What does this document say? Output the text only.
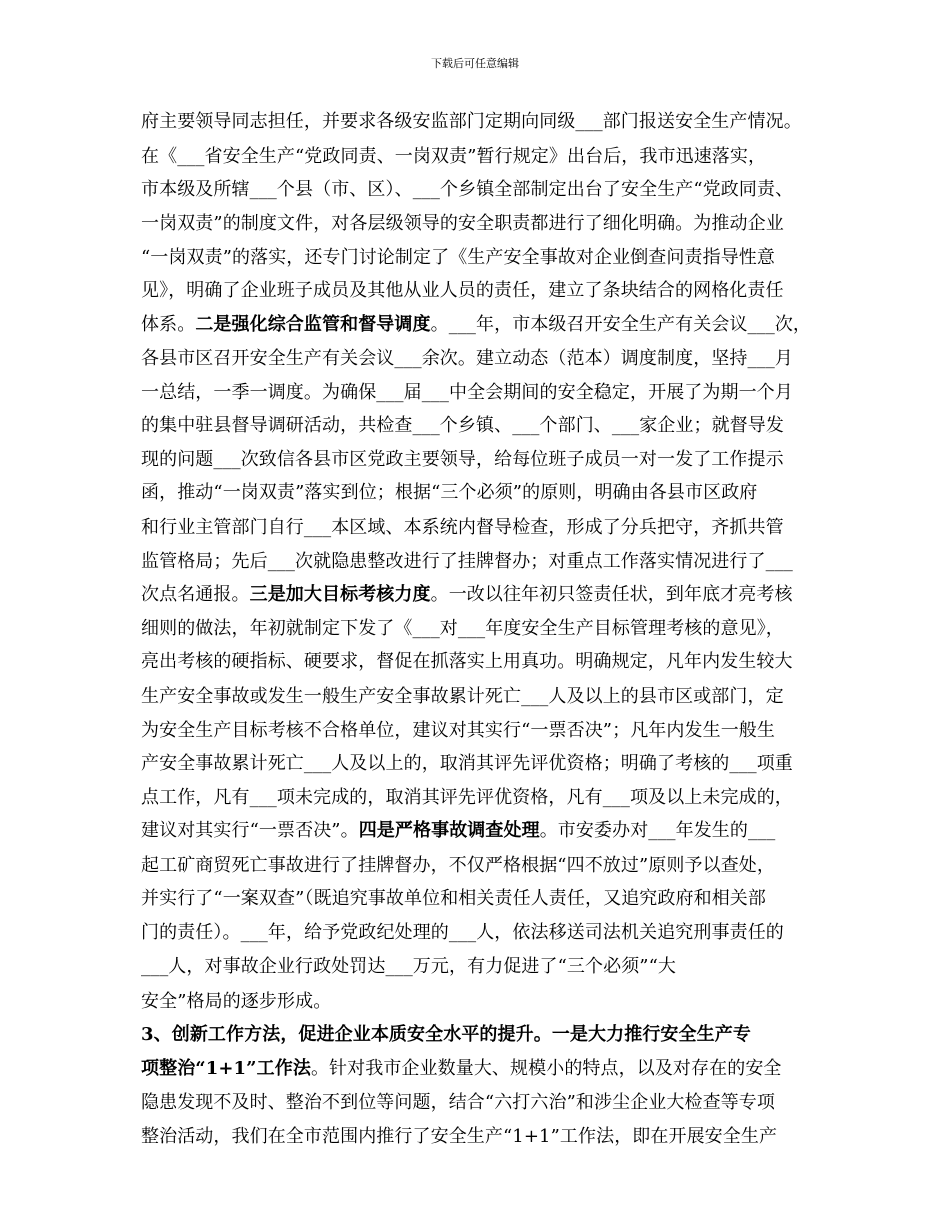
下载后可任意编辑
府主要领导同志担任，并要求各级安监部门定期向同级___部门报送安全生产情况。
在《___省安全生产“党政同责、一岗双责”暂行规定》出台后，我市迅速落实，
市本级及所辖___个县（市、区）、___个乡镇全部制定出台了安全生产“党政同责、
一岗双责”的制度文件，对各层级领导的安全职责都进行了细化明确。为推动企业
“一岗双责”的落实，还专门讨论制定了《生产安全事故对企业倒查问责指导性意
见》，明确了企业班子成员及其他从业人员的责任，建立了条块结合的网格化责任
体系。二是强化综合监管和督导调度。___年，市本级召开安全生产有关会议___次，
各县市区召开安全生产有关会议___余次。建立动态（范本）调度制度，坚持___月
一总结，一季一调度。为确保___届___中全会期间的安全稳定，开展了为期一个月
的集中驻县督导调研活动，共检查___个乡镇、___个部门、___家企业；就督导发
现的问题___次致信各县市区党政主要领导，给每位班子成员一对一发了工作提示
函，推动“一岗双责”落实到位；根据“三个必须”的原则，明确由各县市区政府
和行业主管部门自行___本区域、本系统内督导检查，形成了分兵把守，齐抓共管
监管格局；先后___次就隐患整改进行了挂牌督办；对重点工作落实情况进行了___
次点名通报。三是加大目标考核力度。一改以往年初只签责任状，到年底才亮考核
细则的做法，年初就制定下发了《___对___年度安全生产目标管理考核的意见》，
亮出考核的硬指标、硬要求，督促在抓落实上用真功。明确规定，凡年内发生较大
生产安全事故或发生一般生产安全事故累计死亡___人及以上的县市区或部门，定
为安全生产目标考核不合格单位，建议对其实行“一票否决”；凡年内发生一般生
产安全事故累计死亡___人及以上的，取消其评先评优资格；明确了考核的___项重
点工作，凡有___项未完成的，取消其评先评优资格，凡有___项及以上未完成的，
建议对其实行“一票否决”。四是严格事故调查处理。市安委办对___年发生的___
起工矿商贸死亡事故进行了挂牌督办，不仅严格根据“四不放过”原则予以查处，
并实行了“一案双查”（既追究事故单位和相关责任人责任，又追究政府和相关部
门的责任）。___年，给予党政纪处理的___人，依法移送司法机关追究刑事责任的
___人，对事故企业行政处罚达___万元，有力促进了“三个必须”“大
安全”格局的逐步形成。
3、创新工作方法，促进企业本质安全水平的提升。一是大力推行安全生产专
项整治“1+1”工作法。针对我市企业数量大、规模小的特点，以及对存在的安全
隐患发现不及时、整治不到位等问题，结合“六打六治”和涉尘企业大检查等专项
整治活动，我们在全市范围内推行了安全生产“1+1”工作法，即在开展安全生产
